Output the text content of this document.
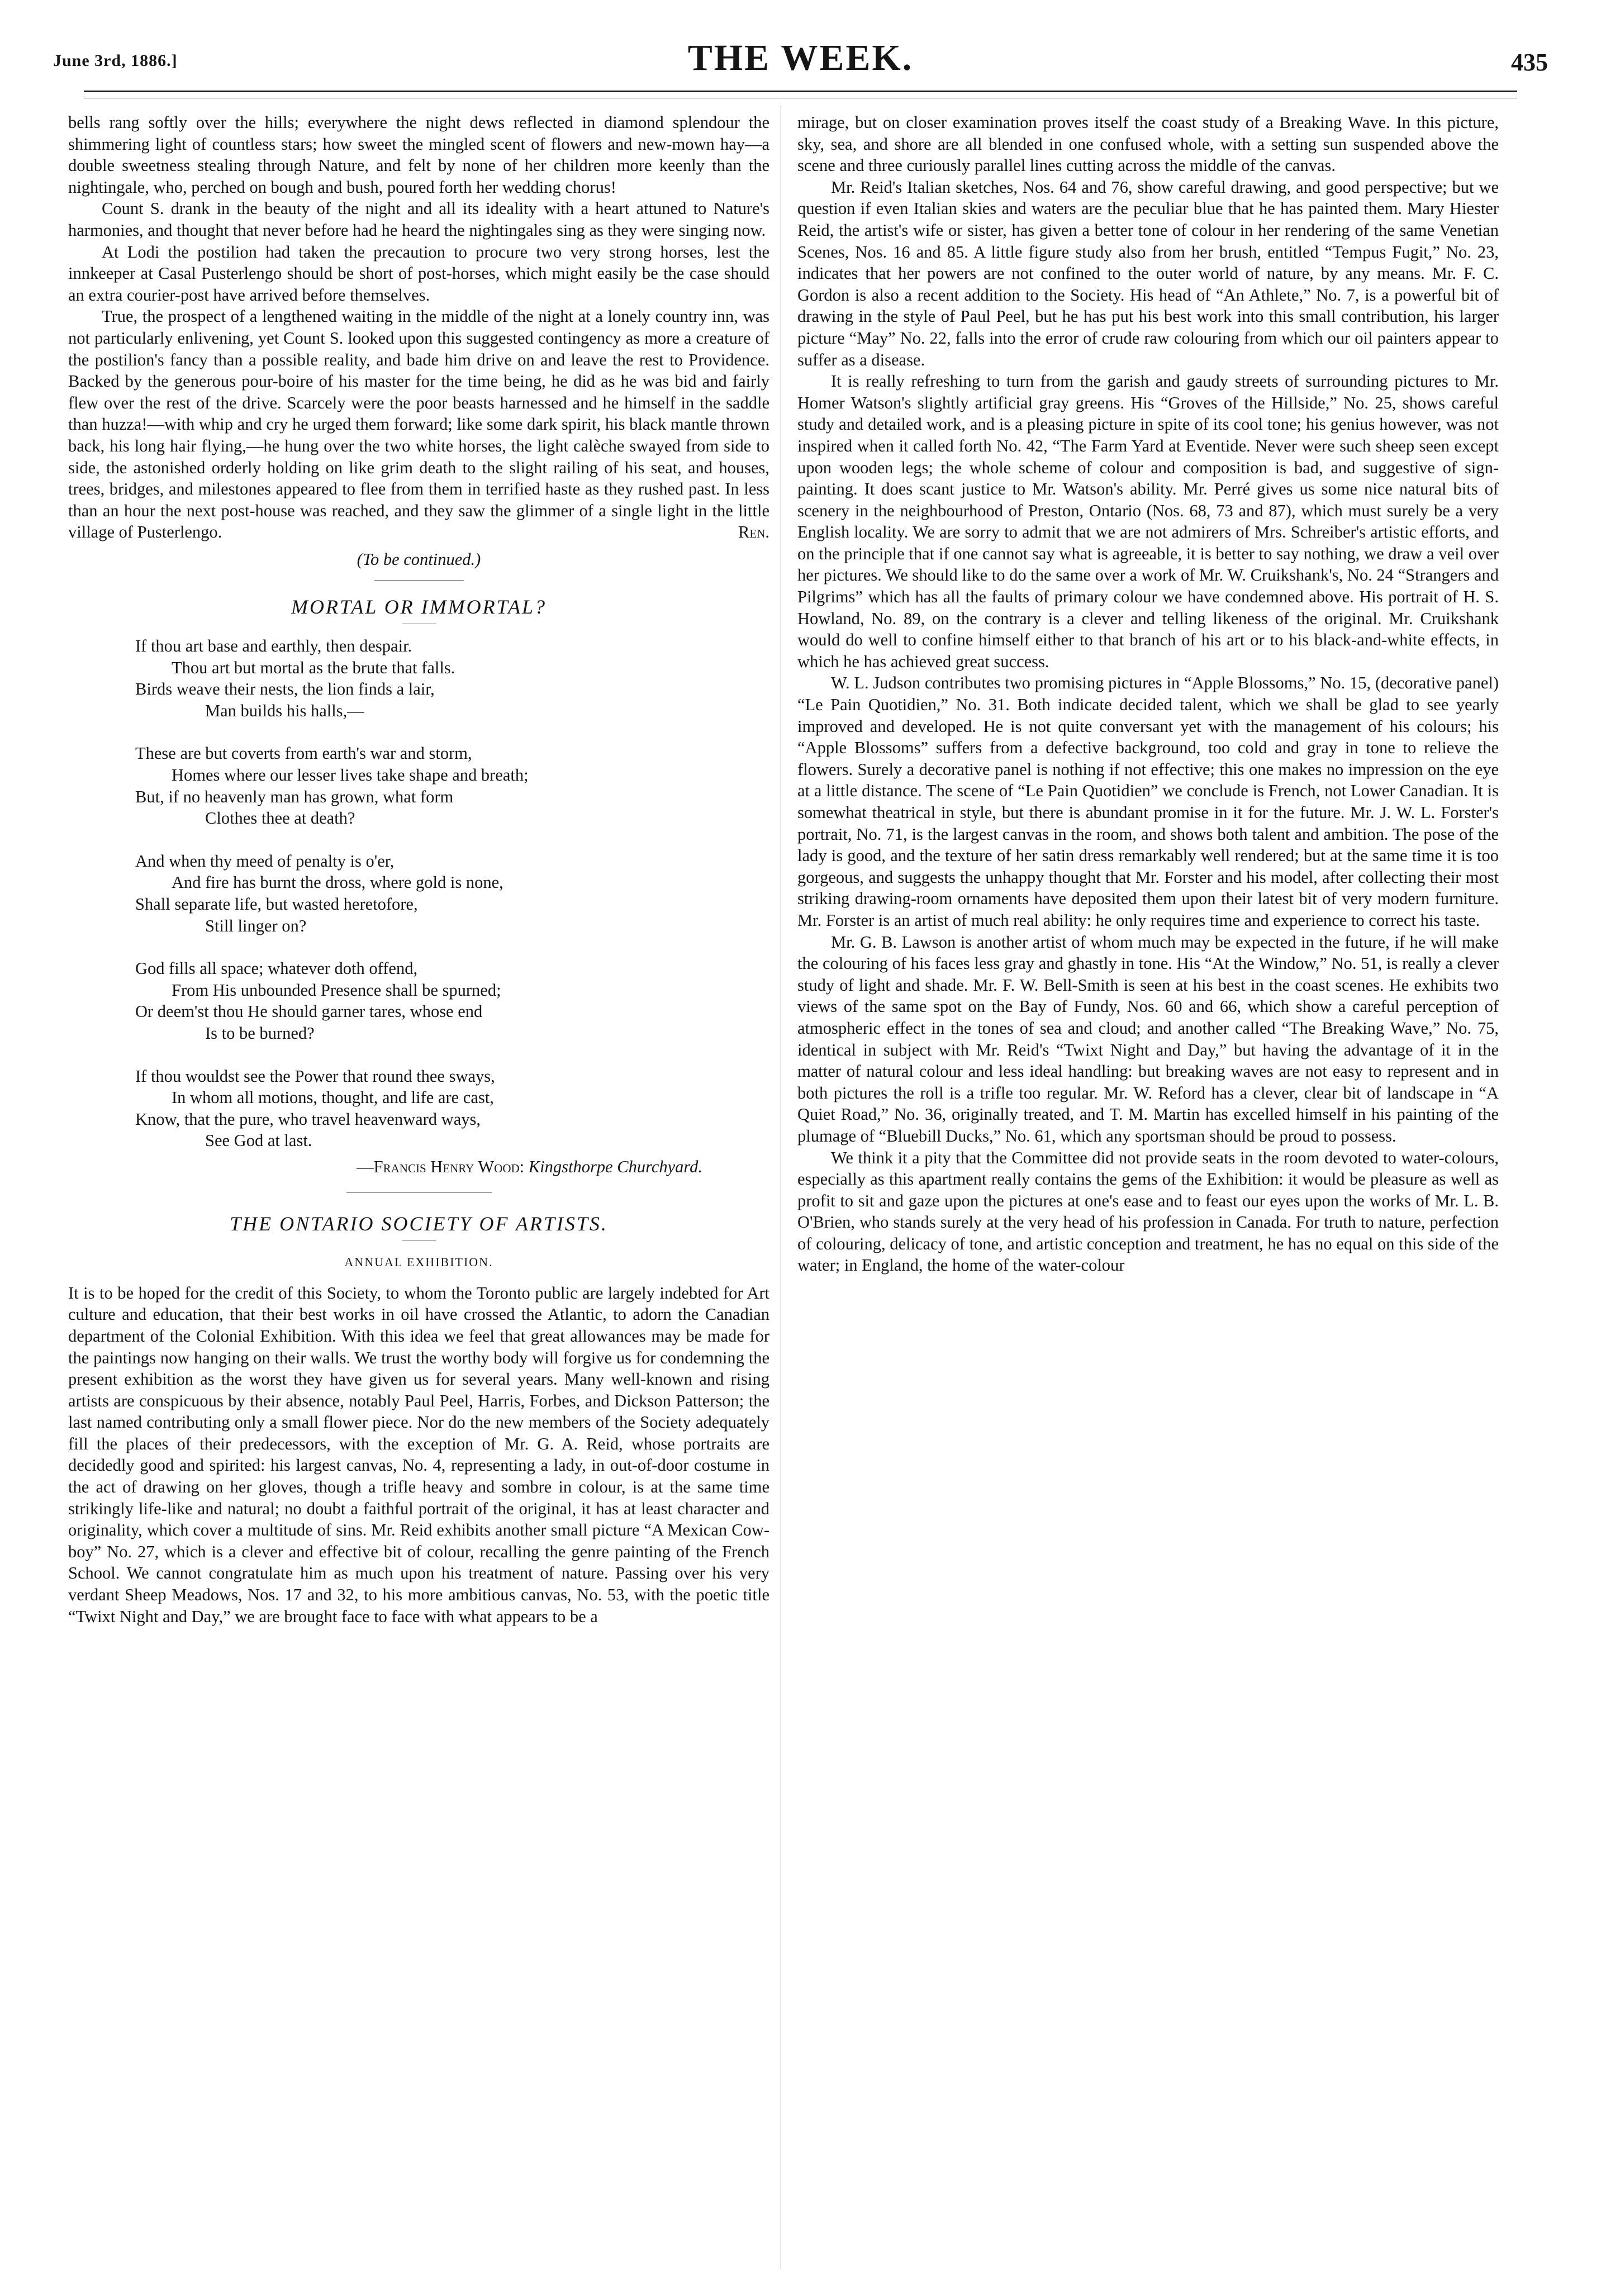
June 3rd, 1886.]	THE WEEK.	435

bells rang softly over the hills; everywhere the night dews reflected in diamond splendour the shimmering light of countless stars; how sweet the mingled scent of flowers and new-mown hay—a double sweetness stealing through Nature, and felt by none of her children more keenly than the nightingale, who, perched on bough and bush, poured forth her wedding chorus!

Count S. drank in the beauty of the night and all its ideality with a heart attuned to Nature's harmonies, and thought that never before had he heard the nightingales sing as they were singing now.

At Lodi the postilion had taken the precaution to procure two very strong horses, lest the innkeeper at Casal Pusterlengo should be short of post-horses, which might easily be the case should an extra courier-post have arrived before themselves.

True, the prospect of a lengthened waiting in the middle of the night at a lonely country inn, was not particularly enlivening, yet Count S. looked upon this suggested contingency as more a creature of the postilion's fancy than a possible reality, and bade him drive on and leave the rest to Providence. Backed by the generous pour-boire of his master for the time being, he did as he was bid and fairly flew over the rest of the drive. Scarcely were the poor beasts harnessed and he himself in the saddle than huzza!—with whip and cry he urged them forward; like some dark spirit, his black mantle thrown back, his long hair flying,—he hung over the two white horses, the light calèche swayed from side to side, the astonished orderly holding on like grim death to the slight railing of his seat, and houses, trees, bridges, and milestones appeared to flee from them in terrified haste as they rushed past. In less than an hour the next post-house was reached, and they saw the glimmer of a single light in the little village of Pusterlengo.	Ren.

(To be continued.)

MORTAL OR IMMORTAL?
If thou art base and earthly, then despair.
Thou art but mortal as the brute that falls.
Birds weave their nests, the lion finds a lair,
Man builds his halls,—
These are but coverts from earth's war and storm,
Homes where our lesser lives take shape and breath;
But, if no heavenly man has grown, what form
Clothes thee at death?
And when thy meed of penalty is o'er,
And fire has burnt the dross, where gold is none,
Shall separate life, but wasted heretofore,
Still linger on?
God fills all space; whatever doth offend,
From His unbounded Presence shall be spurned;
Or deem'st thou He should garner tares, whose end
Is to be burned?
If thou wouldst see the Power that round thee sways,
In whom all motions, thought, and life are cast,
Know, that the pure, who travel heavenward ways,
See God at last.

—Francis Henry Wood: Kingsthorpe Churchyard.

THE ONTARIO SOCIETY OF ARTISTS.
ANNUAL EXHIBITION.

It is to be hoped for the credit of this Society, to whom the Toronto public are largely indebted for Art culture and education, that their best works in oil have crossed the Atlantic, to adorn the Canadian department of the Colonial Exhibition. With this idea we feel that great allowances may be made for the paintings now hanging on their walls. We trust the worthy body will forgive us for condemning the present exhibition as the worst they have given us for several years. Many well-known and rising artists are conspicuous by their absence, notably Paul Peel, Harris, Forbes, and Dickson Patterson; the last named contributing only a small flower piece. Nor do the new members of the Society adequately fill the places of their predecessors, with the exception of Mr. G. A. Reid, whose portraits are decidedly good and spirited: his largest canvas, No. 4, representing a lady, in out-of-door costume in the act of drawing on her gloves, though a trifle heavy and sombre in colour, is at the same time strikingly life-like and natural; no doubt a faithful portrait of the original, it has at least character and originality, which cover a multitude of sins. Mr. Reid exhibits another small picture “A Mexican Cow-boy” No. 27, which is a clever and effective bit of colour, recalling the genre painting of the French School. We cannot congratulate him as much upon his treatment of nature. Passing over his very verdant Sheep Meadows, Nos. 17 and 32, to his more ambitious canvas, No. 53, with the poetic title “Twixt Night and Day,” we are brought face to face with what appears to be a

mirage, but on closer examination proves itself the coast study of a Breaking Wave. In this picture, sky, sea, and shore are all blended in one confused whole, with a setting sun suspended above the scene and three curiously parallel lines cutting across the middle of the canvas.

Mr. Reid's Italian sketches, Nos. 64 and 76, show careful drawing, and good perspective; but we question if even Italian skies and waters are the peculiar blue that he has painted them. Mary Hiester Reid, the artist's wife or sister, has given a better tone of colour in her rendering of the same Venetian Scenes, Nos. 16 and 85. A little figure study also from her brush, entitled “Tempus Fugit,” No. 23, indicates that her powers are not confined to the outer world of nature, by any means. Mr. F. C. Gordon is also a recent addition to the Society. His head of “An Athlete,” No. 7, is a powerful bit of drawing in the style of Paul Peel, but he has put his best work into this small contribution, his larger picture “May” No. 22, falls into the error of crude raw colouring from which our oil painters appear to suffer as a disease.

It is really refreshing to turn from the garish and gaudy streets of surrounding pictures to Mr. Homer Watson's slightly artificial gray greens. His “Groves of the Hillside,” No. 25, shows careful study and detailed work, and is a pleasing picture in spite of its cool tone; his genius however, was not inspired when it called forth No. 42, “The Farm Yard at Eventide. Never were such sheep seen except upon wooden legs; the whole scheme of colour and composition is bad, and suggestive of sign-painting. It does scant justice to Mr. Watson's ability. Mr. Perré gives us some nice natural bits of scenery in the neighbourhood of Preston, Ontario (Nos. 68, 73 and 87), which must surely be a very English locality. We are sorry to admit that we are not admirers of Mrs. Schreiber's artistic efforts, and on the principle that if one cannot say what is agreeable, it is better to say nothing, we draw a veil over her pictures. We should like to do the same over a work of Mr. W. Cruikshank's, No. 24 “Strangers and Pilgrims” which has all the faults of primary colour we have condemned above. His portrait of H. S. Howland, No. 89, on the contrary is a clever and telling likeness of the original. Mr. Cruikshank would do well to confine himself either to that branch of his art or to his black-and-white effects, in which he has achieved great success.

W. L. Judson contributes two promising pictures in “Apple Blossoms,” No. 15, (decorative panel) “Le Pain Quotidien,” No. 31. Both indicate decided talent, which we shall be glad to see yearly improved and developed. He is not quite conversant yet with the management of his colours; his “Apple Blossoms” suffers from a defective background, too cold and gray in tone to relieve the flowers. Surely a decorative panel is nothing if not effective; this one makes no impression on the eye at a little distance. The scene of “Le Pain Quotidien” we conclude is French, not Lower Canadian. It is somewhat theatrical in style, but there is abundant promise in it for the future. Mr. J. W. L. Forster's portrait, No. 71, is the largest canvas in the room, and shows both talent and ambition. The pose of the lady is good, and the texture of her satin dress remarkably well rendered; but at the same time it is too gorgeous, and suggests the unhappy thought that Mr. Forster and his model, after collecting their most striking drawing-room ornaments have deposited them upon their latest bit of very modern furniture. Mr. Forster is an artist of much real ability: he only requires time and experience to correct his taste.

Mr. G. B. Lawson is another artist of whom much may be expected in the future, if he will make the colouring of his faces less gray and ghastly in tone. His “At the Window,” No. 51, is really a clever study of light and shade. Mr. F. W. Bell-Smith is seen at his best in the coast scenes. He exhibits two views of the same spot on the Bay of Fundy, Nos. 60 and 66, which show a careful perception of atmospheric effect in the tones of sea and cloud; and another called “The Breaking Wave,” No. 75, identical in subject with Mr. Reid's “Twixt Night and Day,” but having the advantage of it in the matter of natural colour and less ideal handling: but breaking waves are not easy to represent and in both pictures the roll is a trifle too regular. Mr. W. Reford has a clever, clear bit of landscape in “A Quiet Road,” No. 36, originally treated, and T. M. Martin has excelled himself in his painting of the plumage of “Bluebill Ducks,” No. 61, which any sportsman should be proud to possess.

We think it a pity that the Committee did not provide seats in the room devoted to water-colours, especially as this apartment really contains the gems of the Exhibition: it would be pleasure as well as profit to sit and gaze upon the pictures at one's ease and to feast our eyes upon the works of Mr. L. B. O'Brien, who stands surely at the very head of his profession in Canada. For truth to nature, perfection of colouring, delicacy of tone, and artistic conception and treatment, he has no equal on this side of the water; in England, the home of the water-colour
